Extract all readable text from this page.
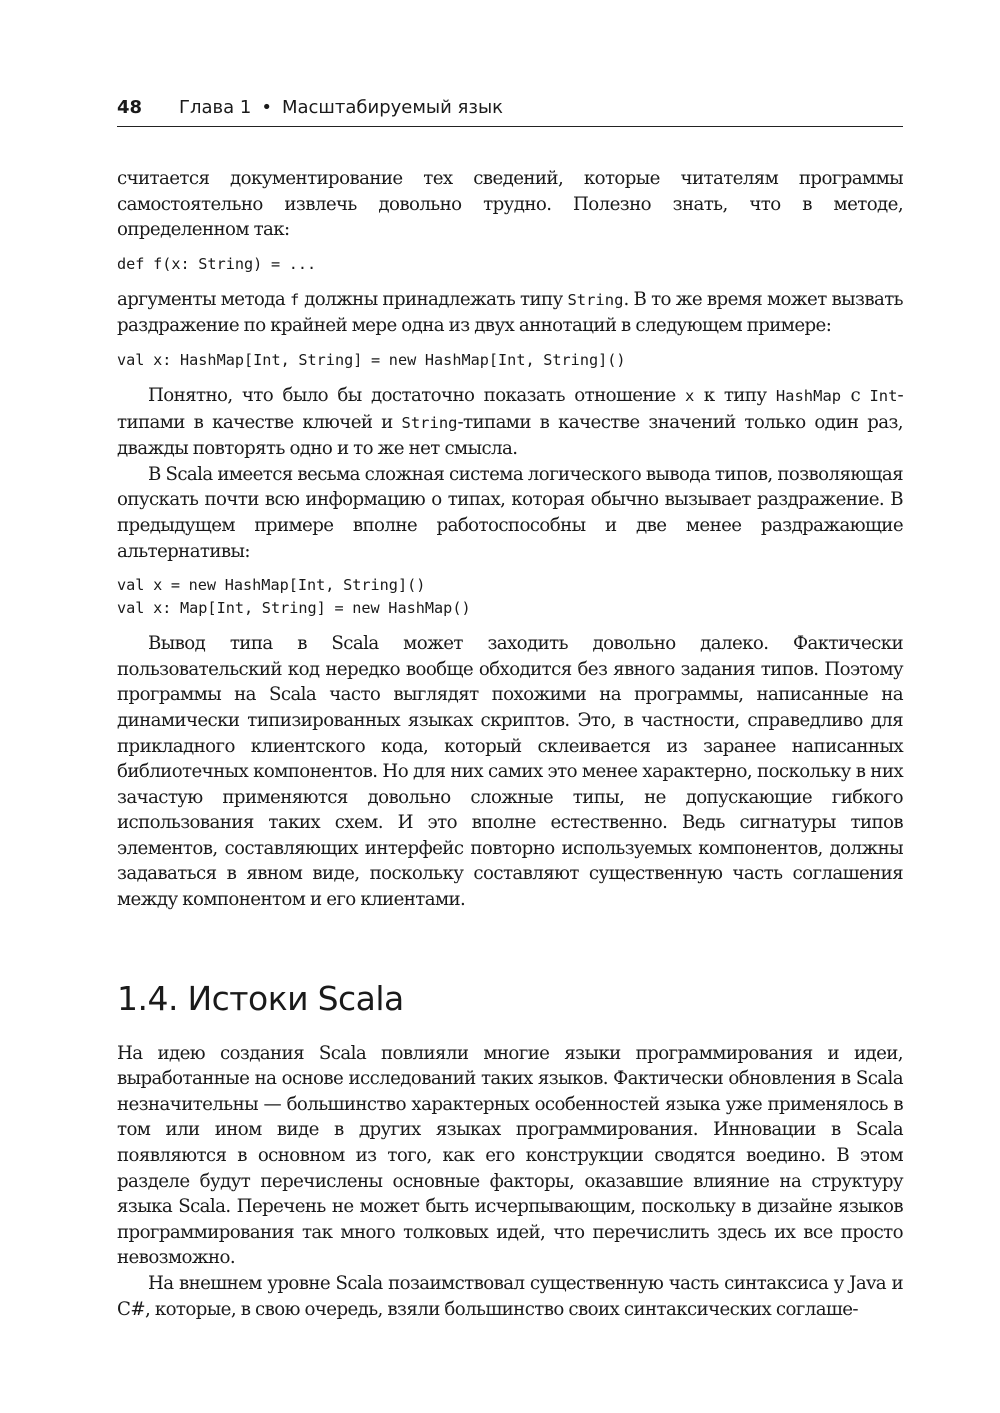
48 Глава 1 • Масштабируемый язык

считается документирование тех сведений, которые читателям программы самостоятельно извлечь довольно трудно. Полезно знать, что в методе, определенном так:

def f(x: String) = ...

аргументы метода f должны принадлежать типу String. В то же время может вызвать раздражение по крайней мере одна из двух аннотаций в следующем примере:

val x: HashMap[Int, String] = new HashMap[Int, String]()

Понятно, что было бы достаточно показать отношение x к типу HashMap с Int-типами в качестве ключей и String-типами в качестве значений только один раз, дважды повторять одно и то же нет смысла.

В Scala имеется весьма сложная система логического вывода типов, позволяющая опускать почти всю информацию о типах, которая обычно вызывает раздражение. В предыдущем примере вполне работоспособны и две менее раздражающие альтернативы:

val x = new HashMap[Int, String]()
val x: Map[Int, String] = new HashMap()

Вывод типа в Scala может заходить довольно далеко. Фактически пользовательский код нередко вообще обходится без явного задания типов. Поэтому программы на Scala часто выглядят похожими на программы, написанные на динамически типизированных языках скриптов. Это, в частности, справедливо для прикладного клиентского кода, который склеивается из заранее написанных библиотечных компонентов. Но для них самих это менее характерно, поскольку в них зачастую применяются довольно сложные типы, не допускающие гибкого использования таких схем. И это вполне естественно. Ведь сигнатуры типов элементов, составляющих интерфейс повторно используемых компонентов, должны задаваться в явном виде, поскольку составляют существенную часть соглашения между компонентом и его клиентами.

1.4. Истоки Scala

На идею создания Scala повлияли многие языки программирования и идеи, выработанные на основе исследований таких языков. Фактически обновления в Scala незначительны — большинство характерных особенностей языка уже применялось в том или ином виде в других языках программирования. Инновации в Scala появляются в основном из того, как его конструкции сводятся воедино. В этом разделе будут перечислены основные факторы, оказавшие влияние на структуру языка Scala. Перечень не может быть исчерпывающим, поскольку в дизайне языков программирования так много толковых идей, что перечислить здесь их все просто невозможно.

На внешнем уровне Scala позаимствовал существенную часть синтаксиса у Java и C#, которые, в свою очередь, взяли большинство своих синтаксических соглаше-
